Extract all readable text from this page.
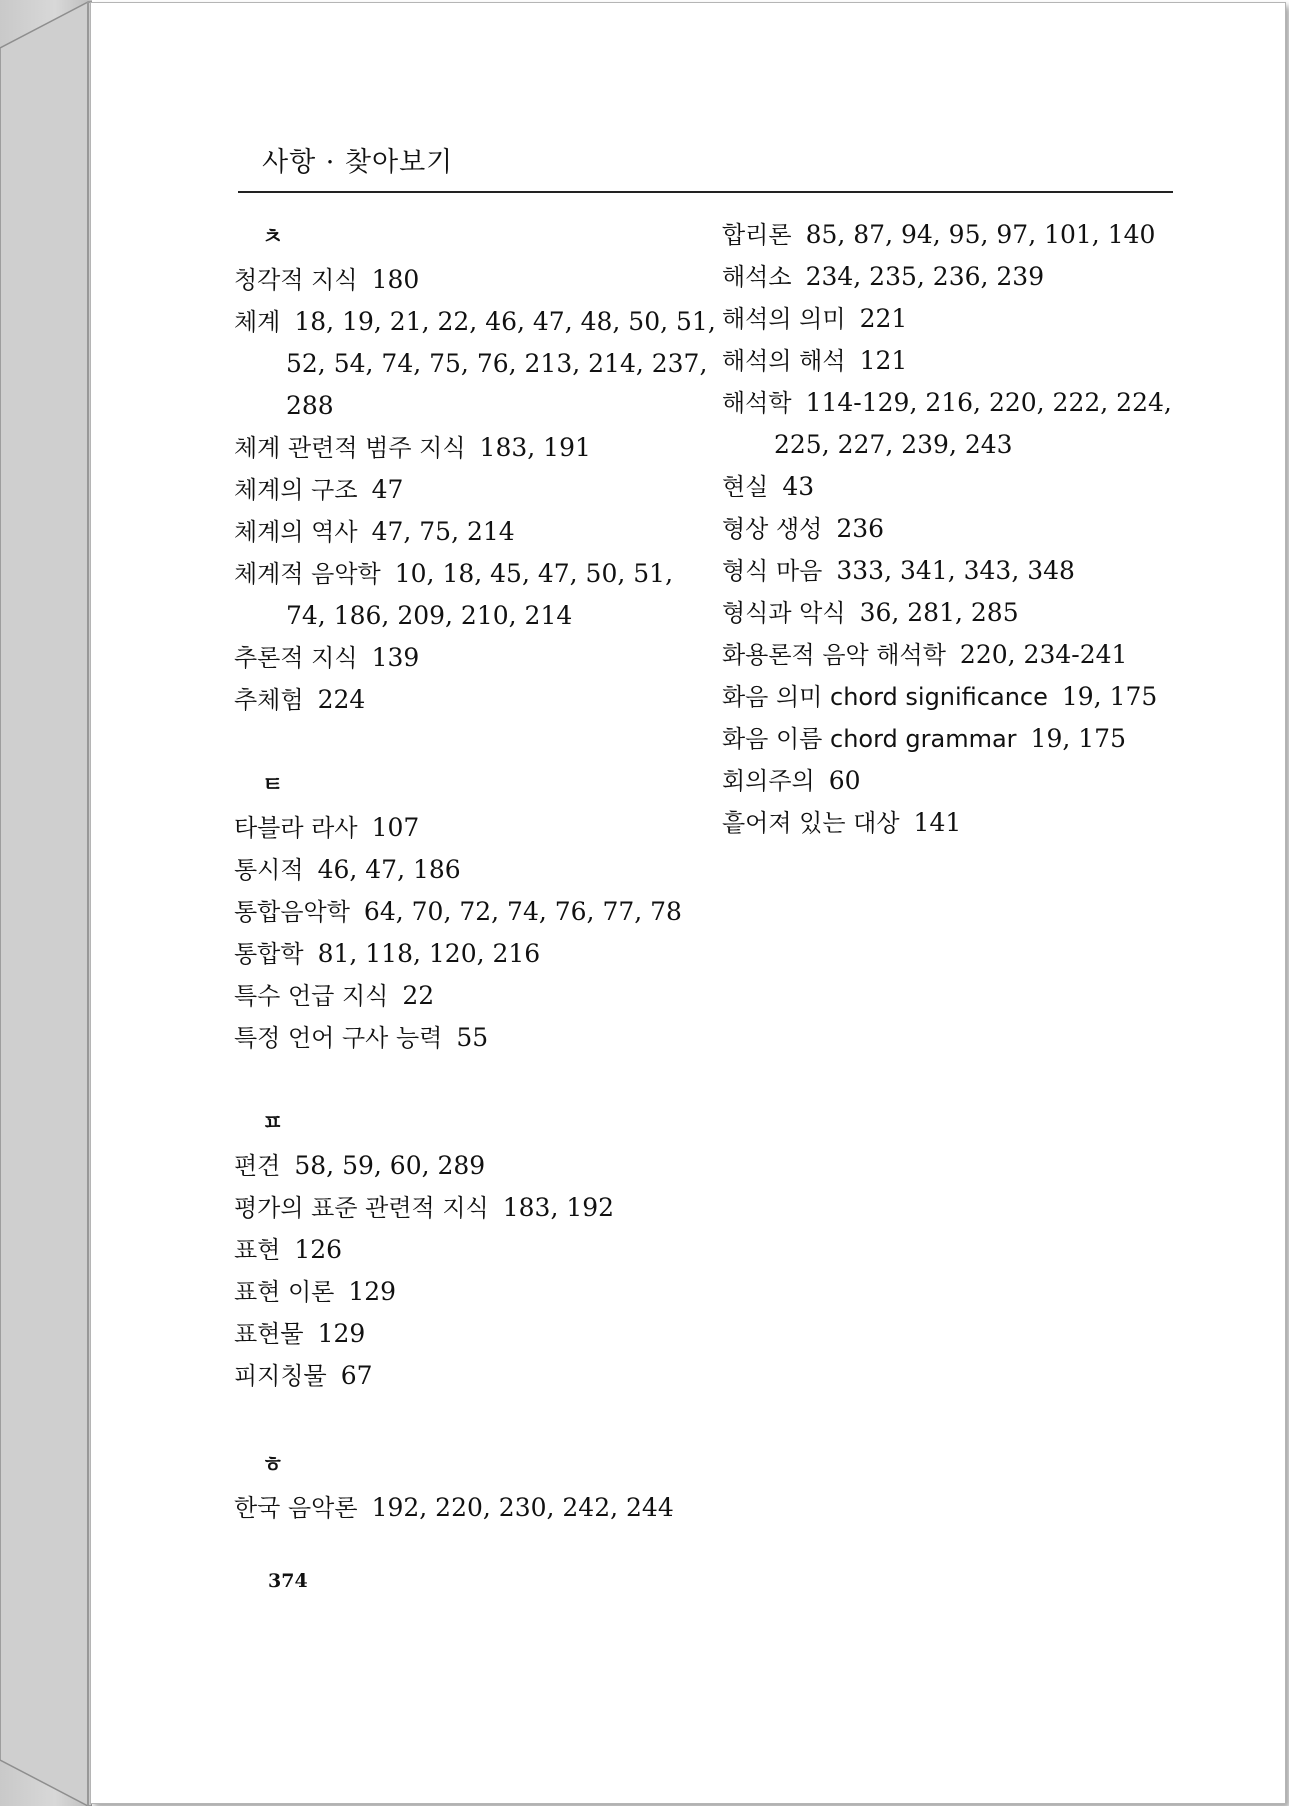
사항 · 찾아보기
ㅊ
청각적 지식 180
체계 18, 19, 21, 22, 46, 47, 48, 50, 51,
52, 54, 74, 75, 76, 213, 214, 237,
288
체계 관련적 범주 지식 183, 191
체계의 구조 47
체계의 역사 47, 75, 214
체계적 음악학 10, 18, 45, 47, 50, 51,
74, 186, 209, 210, 214
추론적 지식 139
추체험 224
ㅌ
타블라 라사 107
통시적 46, 47, 186
통합음악학 64, 70, 72, 74, 76, 77, 78
통합학 81, 118, 120, 216
특수 언급 지식 22
특정 언어 구사 능력 55
ㅍ
편견 58, 59, 60, 289
평가의 표준 관련적 지식 183, 192
표현 126
표현 이론 129
표현물 129
피지칭물 67
ㅎ
한국 음악론 192, 220, 230, 242, 244
합리론 85, 87, 94, 95, 97, 101, 140
해석소 234, 235, 236, 239
해석의 의미 221
해석의 해석 121
해석학 114-129, 216, 220, 222, 224,
225, 227, 239, 243
현실 43
형상 생성 236
형식 마음 333, 341, 343, 348
형식과 악식 36, 281, 285
화용론적 음악 해석학 220, 234-241
화음 의미 chord significance 19, 175
화음 이름 chord grammar 19, 175
회의주의 60
흩어져 있는 대상 141
374
